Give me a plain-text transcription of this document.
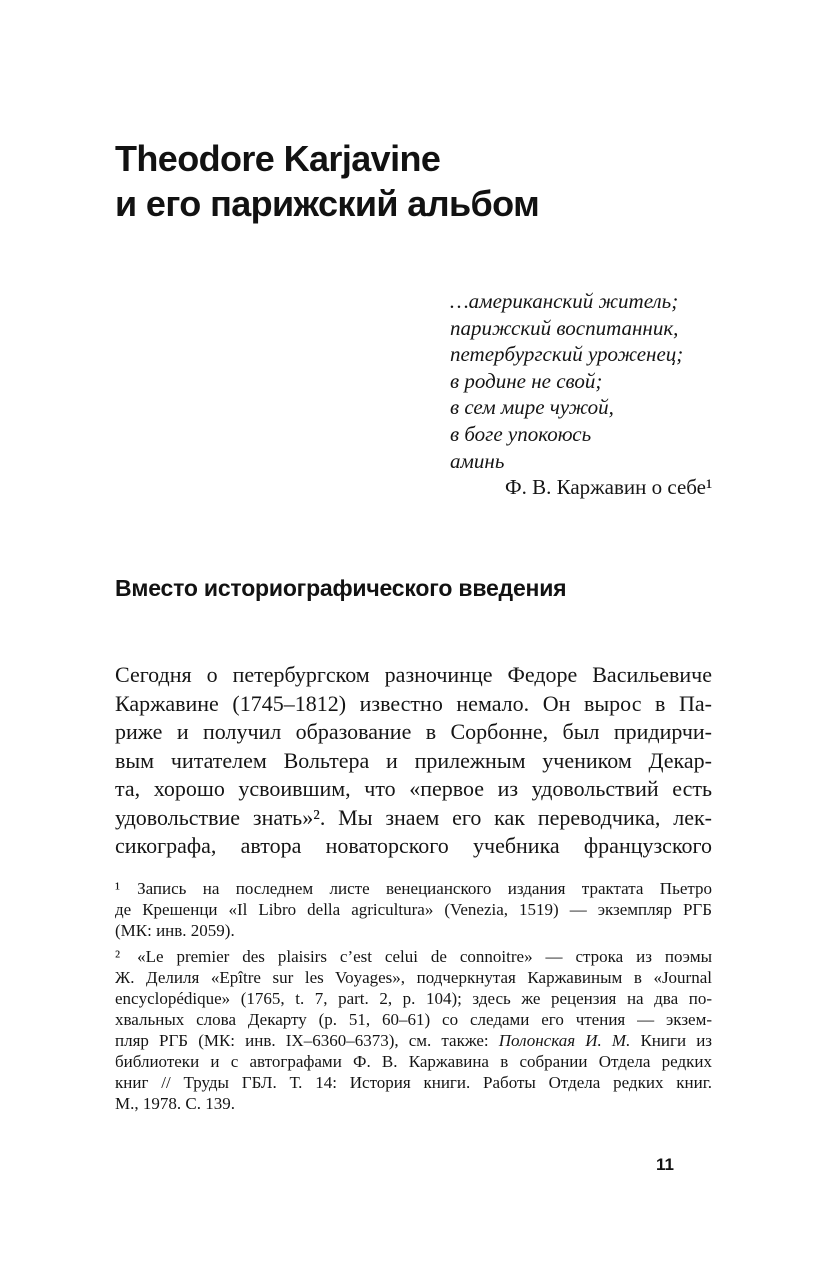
Theodore Karjavine
и его парижский альбом
…американский житель;
парижский воспитанник,
петербургский уроженец;
в родине не свой;
в сем мире чужой,
в боге упокоюсь
аминь
Ф. В. Каржавин о себе¹
Вместо историографического введения
Сегодня о петербургском разночинце Федоре Васильевиче
Каржавине (1745–1812) известно немало. Он вырос в Па-
риже и получил образование в Сорбонне, был придирчи-
вым читателем Вольтера и прилежным учеником Декар-
та, хорошо усвоившим, что «первое из удовольствий есть
удовольствие знать»². Мы знаем его как переводчика, лек-
сикографа, автора новаторского учебника французского
¹ Запись на последнем листе венецианского издания трактата Пьетро
де Крешенци «Il Libro della agricultura» (Venezia, 1519) — экземпляр РГБ
(МК: инв. 2059).
² «Le premier des plaisirs c’est celui de connoitre» — строка из поэмы
Ж. Делиля «Epître sur les Voyages», подчеркнутая Каржавиным в «Journal
encyclopédique» (1765, t. 7, part. 2, p. 104); здесь же рецензия на два по-
хвальных слова Декарту (p. 51, 60–61) со следами его чтения — экзем-
пляр РГБ (МК: инв. IX–6360–6373), см. также: Полонская И. М. Книги из
библиотеки и с автографами Ф. В. Каржавина в собрании Отдела редких
книг // Труды ГБЛ. Т. 14: История книги. Работы Отдела редких книг.
М., 1978. С. 139.
11
